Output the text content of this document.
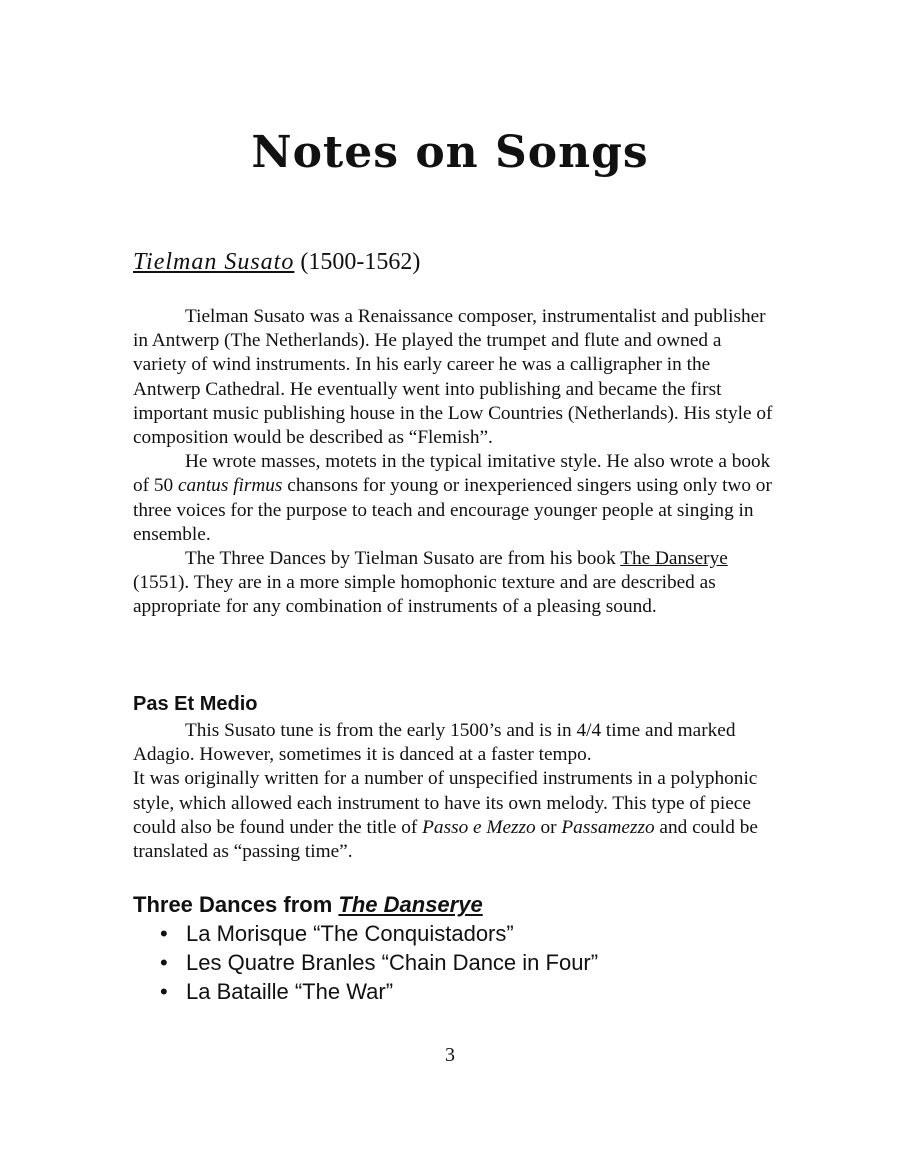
Notes on Songs
Tielman Susato (1500-1562)

Tielman Susato was a Renaissance composer, instrumentalist and publisher in Antwerp (The Netherlands). He played the trumpet and flute and owned a variety of wind instruments. In his early career he was a calligrapher in the Antwerp Cathedral. He eventually went into publishing and became the first important music publishing house in the Low Countries (Netherlands). His style of composition would be described as “Flemish”.

He wrote masses, motets in the typical imitative style. He also wrote a book of 50 cantus firmus chansons for young or inexperienced singers using only two or three voices for the purpose to teach and encourage younger people at singing in ensemble.

The Three Dances by Tielman Susato are from his book The Danserye (1551). They are in a more simple homophonic texture and are described as appropriate for any combination of instruments of a pleasing sound.

Pas Et Medio

This Susato tune is from the early 1500’s and is in 4/4 time and marked Adagio. However, sometimes it is danced at a faster tempo.

It was originally written for a number of unspecified instruments in a polyphonic style, which allowed each instrument to have its own melody. This type of piece could also be found under the title of Passo e Mezzo or Passamezzo and could be translated as “passing time”.

Three Dances from The Danserye
• La Morisque “The Conquistadors”
• Les Quatre Branles “Chain Dance in Four”
• La Bataille “The War”
3
